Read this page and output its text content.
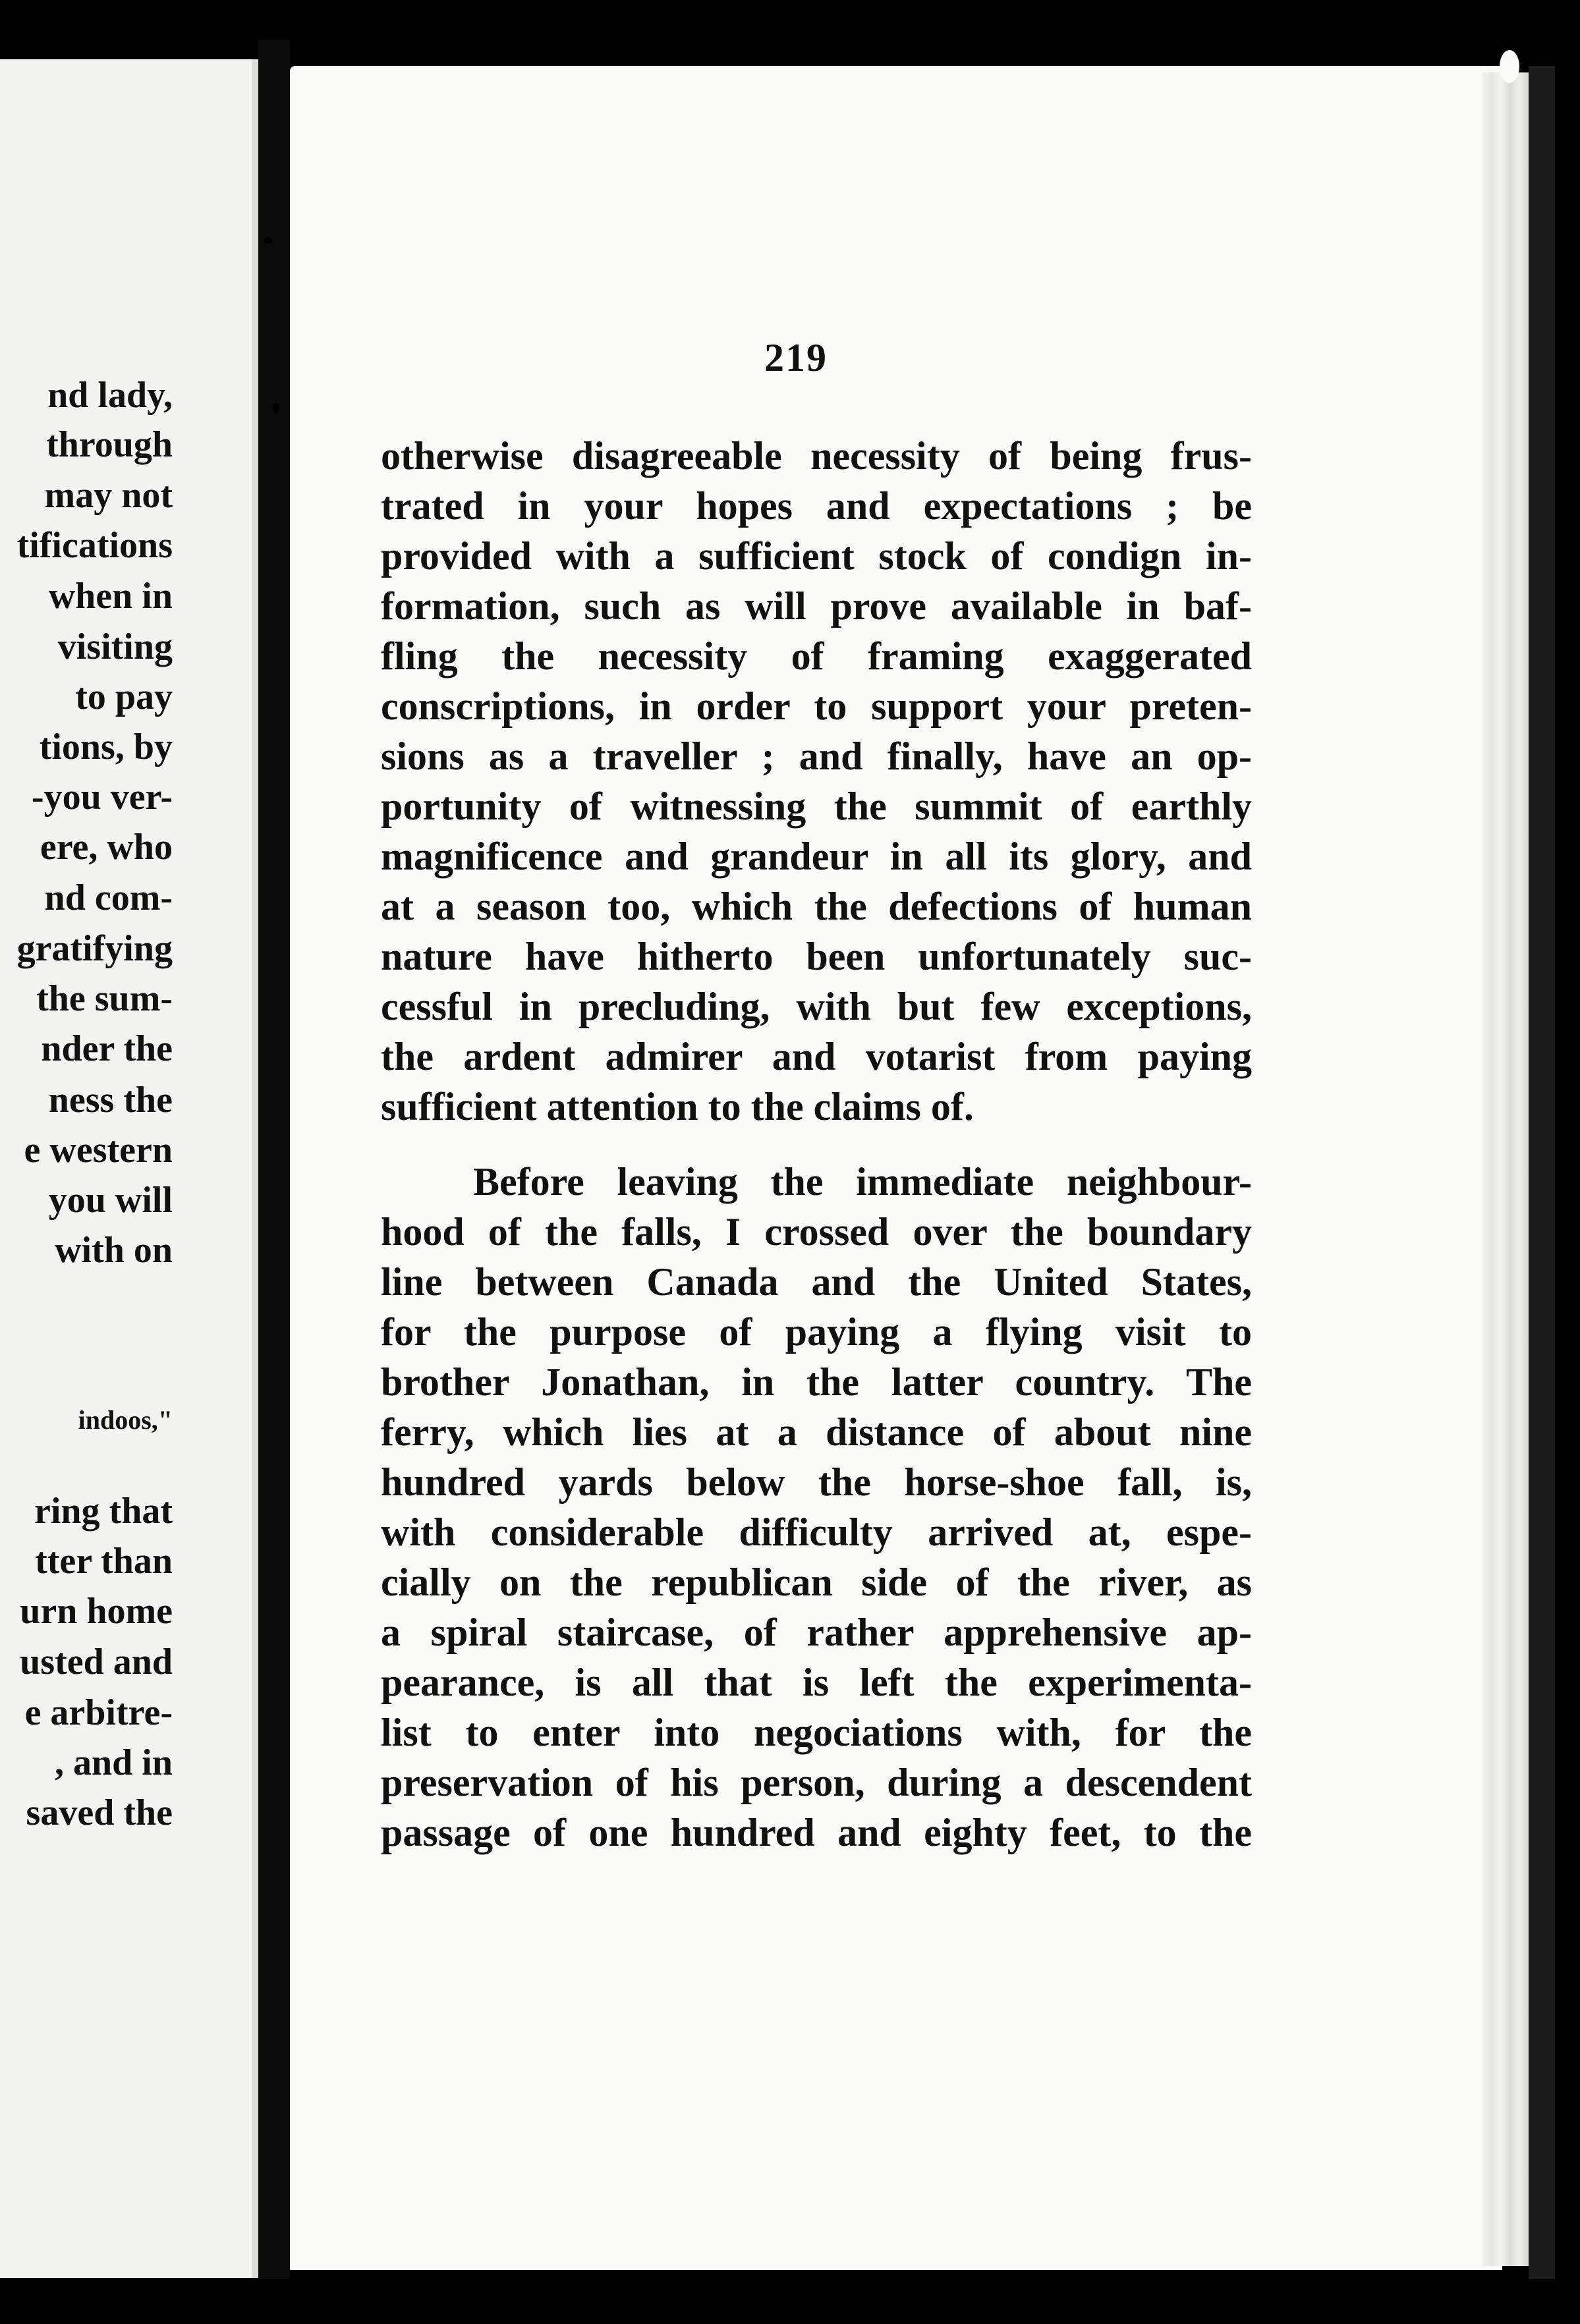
nd lady,
through
may not
tifications
when in
visiting
to pay
tions, by
-you ver-
ere, who
nd com-
gratifying
the sum-
nder the
ness the
e western
you will
with on
indoos,"
ring that
tter than
urn home
usted and
e arbitre-
, and in
saved the
219
otherwise disagreeable necessity of being frus-
trated in your hopes and expectations ; be
provided with a sufficient stock of condign in-
formation, such as will prove available in baf-
fling the necessity of framing exaggerated
conscriptions, in order to support your preten-
sions as a traveller ; and finally, have an op-
portunity of witnessing the summit of earthly
magnificence and grandeur in all its glory, and
at a season too, which the defections of human
nature have hitherto been unfortunately suc-
cessful in precluding, with but few exceptions,
the ardent admirer and votarist from paying
sufficient attention to the claims of.
Before leaving the immediate neighbour-
hood of the falls, I crossed over the boundary
line between Canada and the United States,
for the purpose of paying a flying visit to
brother Jonathan, in the latter country. The
ferry, which lies at a distance of about nine
hundred yards below the horse-shoe fall, is,
with considerable difficulty arrived at, espe-
cially on the republican side of the river, as
a spiral staircase, of rather apprehensive ap-
pearance, is all that is left the experimenta-
list to enter into negociations with, for the
preservation of his person, during a descendent
passage of one hundred and eighty feet, to the
